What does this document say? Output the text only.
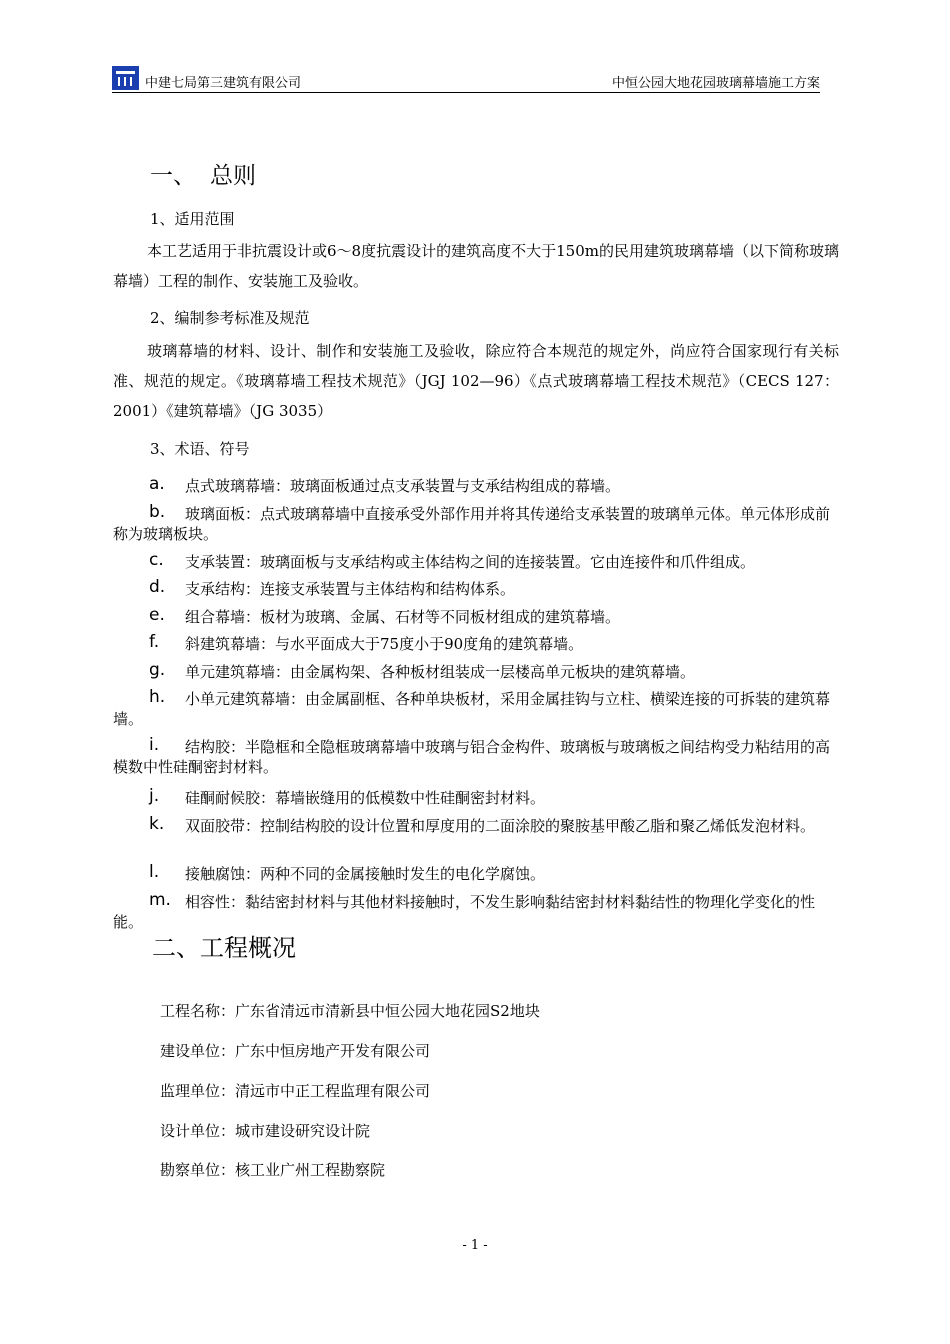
中建七局第三建筑有限公司	中恒公园大地花园玻璃幕墙施工方案
一、 总则
1、适用范围
本工艺适用于非抗震设计或6～8度抗震设计的建筑高度不大于150m的民用建筑玻璃幕墙（以下简称玻璃幕墙）工程的制作、安装施工及验收。
2、编制参考标准及规范
玻璃幕墙的材料、设计、制作和安装施工及验收，除应符合本规范的规定外，尚应符合国家现行有关标准、规范的规定。《玻璃幕墙工程技术规范》（JGJ 102—96）《点式玻璃幕墙工程技术规范》（CECS 127：2001）《建筑幕墙》（JG 3035）
3、术语、符号
a. 点式玻璃幕墙：玻璃面板通过点支承装置与支承结构组成的幕墙。
b. 玻璃面板：点式玻璃幕墙中直接承受外部作用并将其传递给支承装置的玻璃单元体。单元体形成前称为玻璃板块。
c. 支承装置：玻璃面板与支承结构或主体结构之间的连接装置。它由连接件和爪件组成。
d. 支承结构：连接支承装置与主体结构和结构体系。
e. 组合幕墙：板材为玻璃、金属、石材等不同板材组成的建筑幕墙。
f. 斜建筑幕墙：与水平面成大于75度小于90度角的建筑幕墙。
g. 单元建筑幕墙：由金属构架、各种板材组装成一层楼高单元板块的建筑幕墙。
h. 小单元建筑幕墙：由金属副框、各种单块板材，采用金属挂钩与立柱、横梁连接的可拆装的建筑幕墙。
i. 结构胶：半隐框和全隐框玻璃幕墙中玻璃与铝合金构件、玻璃板与玻璃板之间结构受力粘结用的高模数中性硅酮密封材料。
j. 硅酮耐候胶：幕墙嵌缝用的低模数中性硅酮密封材料。
k. 双面胶带：控制结构胶的设计位置和厚度用的二面涂胶的聚胺基甲酸乙脂和聚乙烯低发泡材料。
l. 接触腐蚀：两种不同的金属接触时发生的电化学腐蚀。
m. 相容性：黏结密封材料与其他材料接触时，不发生影响黏结密封材料黏结性的物理化学变化的性能。
二、工程概况
工程名称：广东省清远市清新县中恒公园大地花园S2地块
建设单位：广东中恒房地产开发有限公司
监理单位：清远市中正工程监理有限公司
设计单位：城市建设研究设计院
勘察单位：核工业广州工程勘察院
- 1 -
